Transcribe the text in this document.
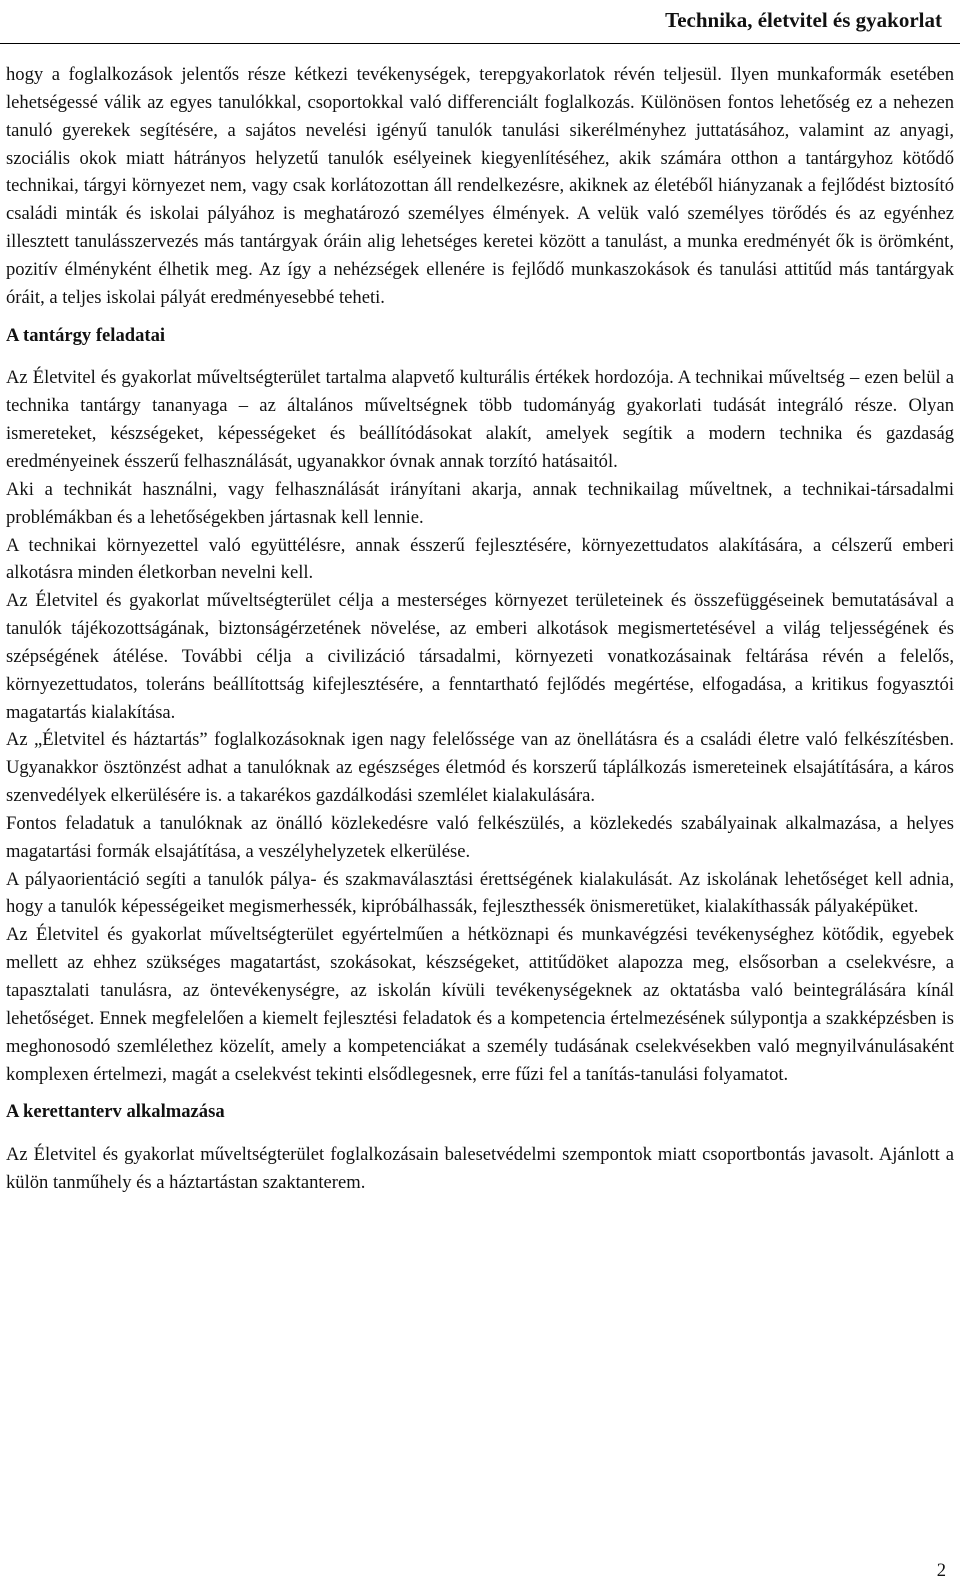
Technika, életvitel és gyakorlat

hogy a foglalkozások jelentős része kétkezi tevékenységek, terepgyakorlatok révén teljesül. Ilyen munkaformák esetében lehetségessé válik az egyes tanulókkal, csoportokkal való differenciált foglalkozás. Különösen fontos lehetőség ez a nehezen tanuló gyerekek segítésére, a sajátos nevelési igényű tanulók tanulási sikerélményhez juttatásához, valamint az anyagi, szociális okok miatt hátrányos helyzetű tanulók esélyeinek kiegyenlítéséhez, akik számára otthon a tantárgyhoz kötődő technikai, tárgyi környezet nem, vagy csak korlátozottan áll rendelkezésre, akiknek az életéből hiányzanak a fejlődést biztosító családi minták és iskolai pályához is meghatározó személyes élmények. A velük való személyes törődés és az egyénhez illesztett tanulásszervezés más tantárgyak óráin alig lehetséges keretei között a tanulást, a munka eredményét ők is örömként, pozitív élményként élhetik meg. Az így a nehézségek ellenére is fejlődő munkaszokások és tanulási attitűd más tantárgyak óráit, a teljes iskolai pályát eredményesebbé teheti.

A tantárgy feladatai

Az Életvitel és gyakorlat műveltségterület tartalma alapvető kulturális értékek hordozója. A technikai műveltség – ezen belül a technika tantárgy tananyaga – az általános műveltségnek több tudományág gyakorlati tudását integráló része. Olyan ismereteket, készségeket, képességeket és beállítódásokat alakít, amelyek segítik a modern technika és gazdaság eredményeinek ésszerű felhasználását, ugyanakkor óvnak annak torzító hatásaitól.

Aki a technikát használni, vagy felhasználását irányítani akarja, annak technikailag műveltnek, a technikai-társadalmi problémákban és a lehetőségekben jártasnak kell lennie.

A technikai környezettel való együttélésre, annak ésszerű fejlesztésére, környezettudatos alakítására, a célszerű emberi alkotásra minden életkorban nevelni kell.

Az Életvitel és gyakorlat műveltségterület célja a mesterséges környezet területeinek és összefüggéseinek bemutatásával a tanulók tájékozottságának, biztonságérzetének növelése, az emberi alkotások megismertetésével a világ teljességének és szépségének átélése. További célja a civilizáció társadalmi, környezeti vonatkozásainak feltárása révén a felelős, környezettudatos, toleráns beállítottság kifejlesztésére, a fenntartható fejlődés megértése, elfogadása, a kritikus fogyasztói magatartás kialakítása.

Az „Életvitel és háztartás” foglalkozásoknak igen nagy felelőssége van az önellátásra és a családi életre való felkészítésben. Ugyanakkor ösztönzést adhat a tanulóknak az egészséges életmód és korszerű táplálkozás ismereteinek elsajátítására, a káros szenvedélyek elkerülésére is. a takarékos gazdálkodási szemlélet kialakulására.

Fontos feladatuk a tanulóknak az önálló közlekedésre való felkészülés, a közlekedés szabályainak alkalmazása, a helyes magatartási formák elsajátítása, a veszélyhelyzetek elkerülése.

A pályaorientáció segíti a tanulók pálya- és szakmaválasztási érettségének kialakulását. Az iskolának lehetőséget kell adnia, hogy a tanulók képességeiket megismerhessék, kipróbálhassák, fejleszthessék önismeretüket, kialakíthassák pályaképüket.

Az Életvitel és gyakorlat műveltségterület egyértelműen a hétköznapi és munkavégzési tevékenységhez kötődik, egyebek mellett az ehhez szükséges magatartást, szokásokat, készségeket, attitűdöket alapozza meg, elsősorban a cselekvésre, a tapasztalati tanulásra, az öntevékenységre, az iskolán kívüli tevékenységeknek az oktatásba való beintegrálására kínál lehetőséget. Ennek megfelelően a kiemelt fejlesztési feladatok és a kompetencia értelmezésének súlypontja a szakképzésben is meghonosodó szemlélethez közelít, amely a kompetenciákat a személy tudásának cselekvésekben való megnyilvánulásaként komplexen értelmezi, magát a cselekvést tekinti elsődlegesnek, erre fűzi fel a tanítás-tanulási folyamatot.

A kerettanterv alkalmazása

Az Életvitel és gyakorlat műveltségterület foglalkozásain balesetvédelmi szempontok miatt csoportbontás javasolt. Ajánlott a külön tanműhely és a háztartástan szaktanterem.

2
